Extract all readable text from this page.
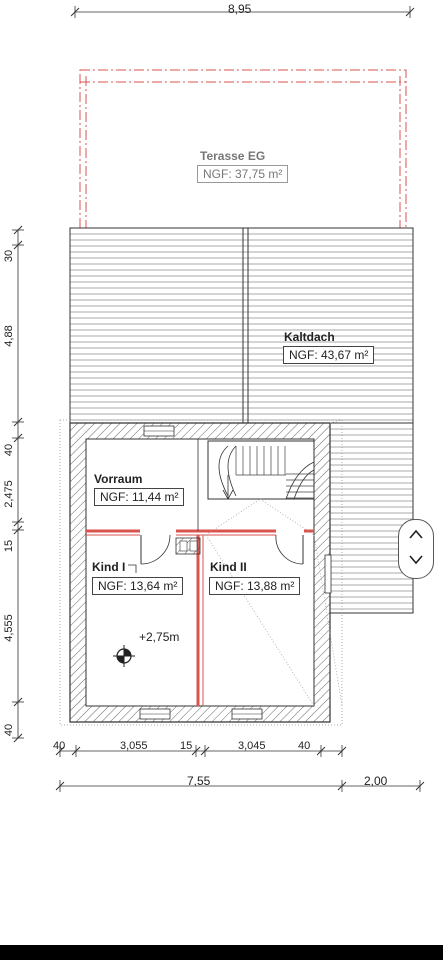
8,95
30
4,88
40
2,475
15
4,555
40
40	3,055	15	3,045	40
7,55	2,00
Terasse EG
NGF: 37,75 m²
Kaltdach
NGF: 43,67 m²
Vorraum
NGF: 11,44 m²
Kind I
NGF: 13,64 m²
Kind II
NGF: 13,88 m²
+2,75m
